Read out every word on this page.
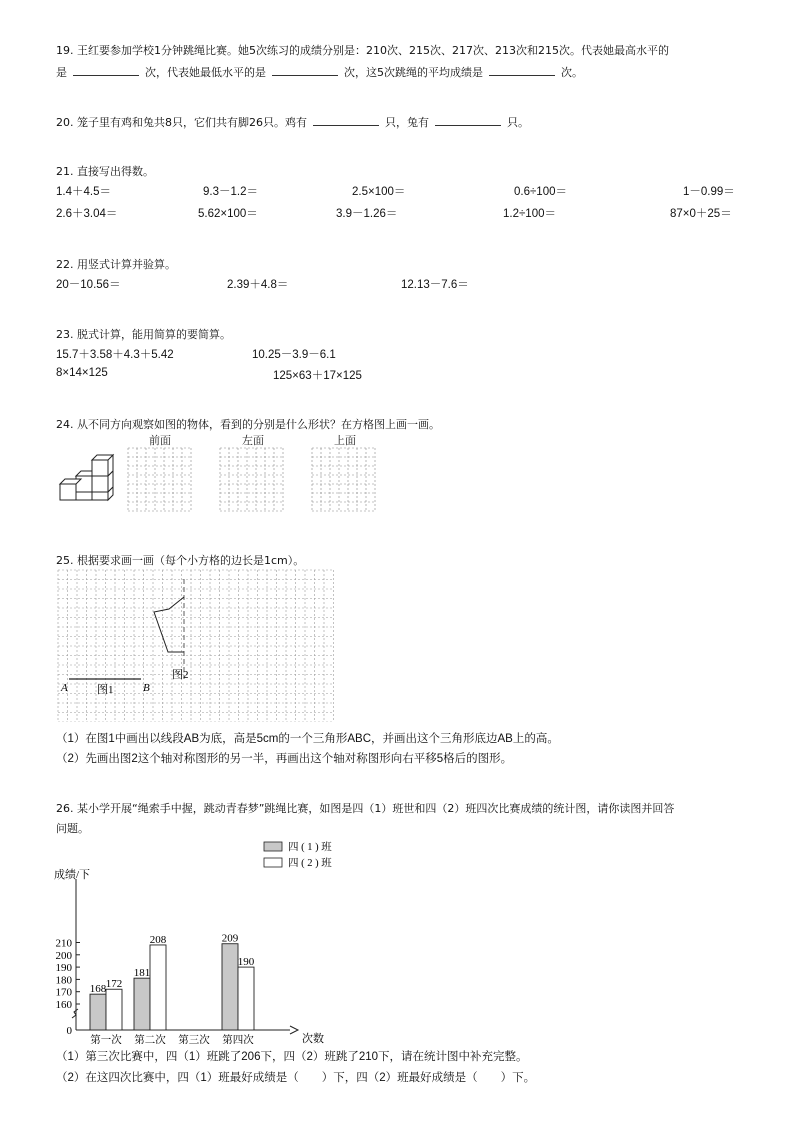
19. 王红要参加学校1分钟跳绳比赛。她5次练习的成绩分别是：210次、215次、217次、213次和215次。代表她最高水平的
是	次，代表她最低水平的是	次，这5次跳绳的平均成绩是	次。
20. 笼子里有鸡和兔共8只，它们共有脚26只。鸡有	只，兔有	只。
21. 直接写出得数。
1.4＋4.5＝	9.3－1.2＝	2.5×100＝	0.6÷100＝	1－0.99＝
2.6＋3.04＝	5.62×100＝	3.9－1.26＝	1.2÷100＝	87×0＋25＝
22. 用竖式计算并验算。
20－10.56＝	2.39＋4.8＝	12.13－7.6＝
23. 脱式计算，能用简算的要简算。
15.7＋3.58＋4.3＋5.42	10.25－3.9－6.1
8×14×125	125×63＋17×125
24. 从不同方向观察如图的物体，看到的分别是什么形状？在方格图上画一画。
前面	左面	上面
25. 根据要求画一画（每个小方格的边长是1cm）。
A	B
图1
图2
（1）在图1中画出以线段AB为底，高是5cm的一个三角形ABC，并画出这个三角形底边AB上的高。
（2）先画出图2这个轴对称图形的另一半，再画出这个轴对称图形向右平移5格后的图形。
26. 某小学开展“绳索手中握，跳动青春梦”跳绳比赛，如图是四（1）班世和四（2）班四次比赛成绩的统计图，请你读图并回答
问题。
四 ( 1 ) 班
四 ( 2 ) 班
成绩/下
0
160
170
180
190
200
210
次数
168 172
第一次
181
208
第二次 第三次
209
190
第四次
（1）第三次比赛中，四（1）班跳了206下，四（2）班跳了210下，请在统计图中补充完整。
（2）在这四次比赛中，四（1）班最好成绩是（　　）下，四（2）班最好成绩是（　　）下。
